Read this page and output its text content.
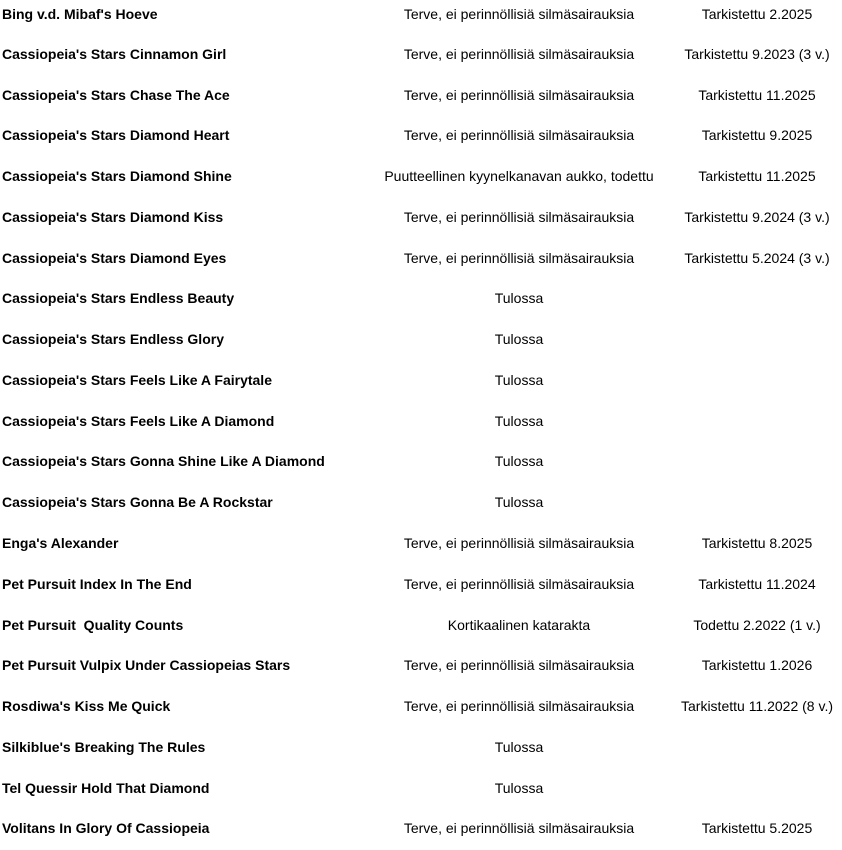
Bing v.d. Mibaf's Hoeve	Terve, ei perinnöllisiä silmäsairauksia	Tarkistettu 2.2025
Cassiopeia's Stars Cinnamon Girl	Terve, ei perinnöllisiä silmäsairauksia	Tarkistettu 9.2023 (3 v.)
Cassiopeia's Stars Chase The Ace	Terve, ei perinnöllisiä silmäsairauksia	Tarkistettu 11.2025
Cassiopeia's Stars Diamond Heart	Terve, ei perinnöllisiä silmäsairauksia	Tarkistettu 9.2025
Cassiopeia's Stars Diamond Shine	Puutteellinen kyynelkanavan aukko, todettu	Tarkistettu 11.2025
Cassiopeia's Stars Diamond Kiss	Terve, ei perinnöllisiä silmäsairauksia	Tarkistettu 9.2024 (3 v.)
Cassiopeia's Stars Diamond Eyes	Terve, ei perinnöllisiä silmäsairauksia	Tarkistettu 5.2024 (3 v.)
Cassiopeia's Stars Endless Beauty	Tulossa
Cassiopeia's Stars Endless Glory	Tulossa
Cassiopeia's Stars Feels Like A Fairytale	Tulossa
Cassiopeia's Stars Feels Like A Diamond	Tulossa
Cassiopeia's Stars Gonna Shine Like A Diamond	Tulossa
Cassiopeia's Stars Gonna Be A Rockstar	Tulossa
Enga's Alexander	Terve, ei perinnöllisiä silmäsairauksia	Tarkistettu 8.2025
Pet Pursuit Index In The End	Terve, ei perinnöllisiä silmäsairauksia	Tarkistettu 11.2024
Pet Pursuit  Quality Counts	Kortikaalinen katarakta	Todettu 2.2022 (1 v.)
Pet Pursuit Vulpix Under Cassiopeias Stars	Terve, ei perinnöllisiä silmäsairauksia	Tarkistettu 1.2026
Rosdiwa's Kiss Me Quick	Terve, ei perinnöllisiä silmäsairauksia	Tarkistettu 11.2022 (8 v.)
Silkiblue's Breaking The Rules	Tulossa
Tel Quessir Hold That Diamond	Tulossa
Volitans In Glory Of Cassiopeia	Terve, ei perinnöllisiä silmäsairauksia	Tarkistettu 5.2025
